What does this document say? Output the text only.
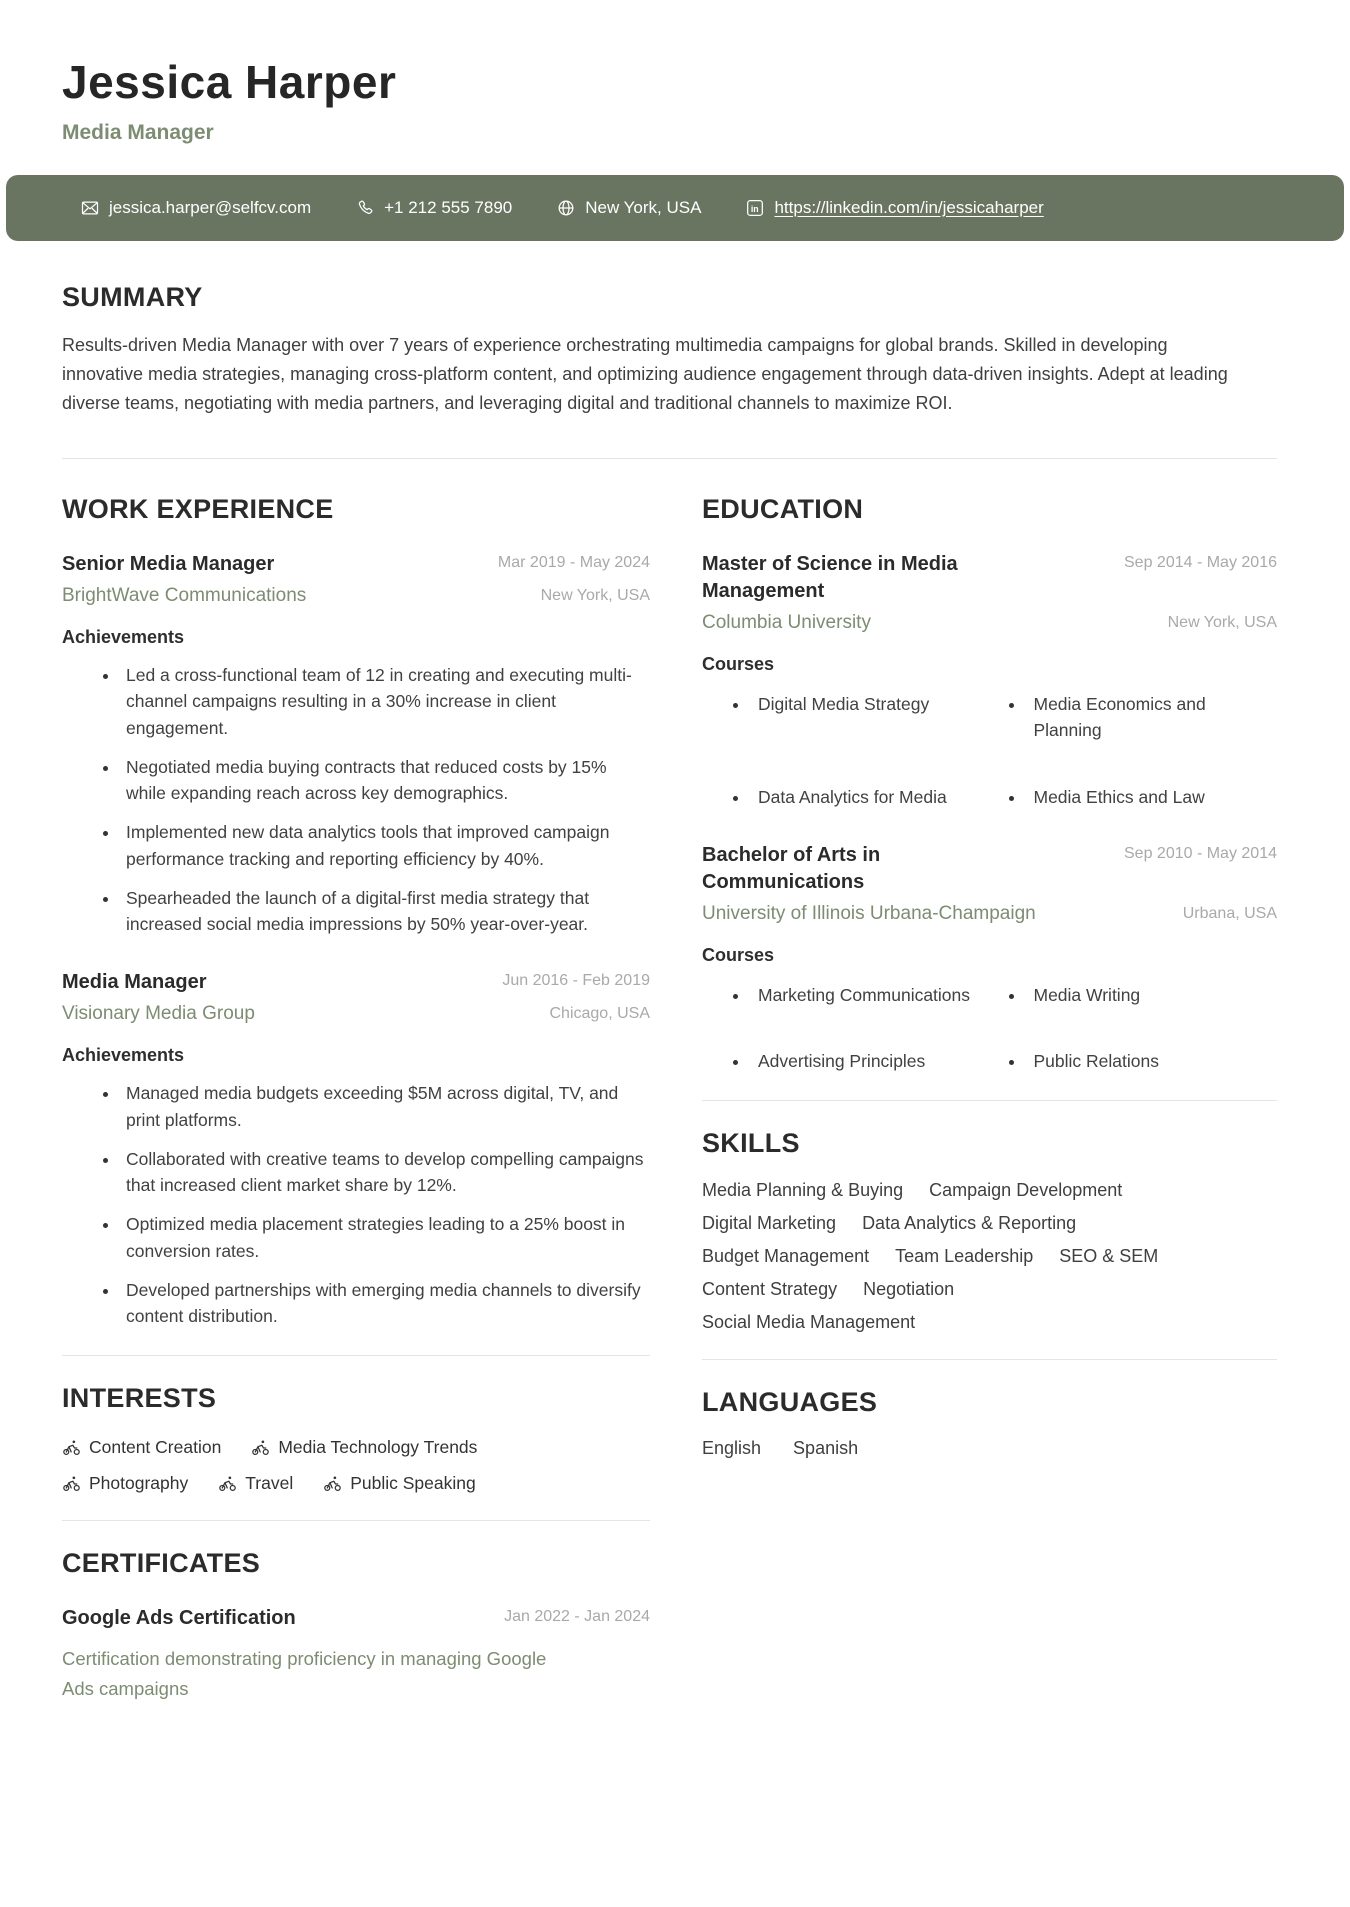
Jessica Harper
Media Manager
jessica.harper@selfcv.com	+1 212 555 7890	New York, USA	in https://linkedin.com/in/jessicaharper
SUMMARY

Results-driven Media Manager with over 7 years of experience orchestrating multimedia campaigns for global brands. Skilled in developing innovative media strategies, managing cross-platform content, and optimizing audience engagement through data-driven insights. Adept at leading diverse teams, negotiating with media partners, and leveraging digital and traditional channels to maximize ROI.

WORK EXPERIENCE
Senior Media Manager	Mar 2019 - May 2024
BrightWave Communications	New York, USA
Achievements
• Led a cross-functional team of 12 in creating and executing multi-channel campaigns resulting in a 30% increase in client engagement.
• Negotiated media buying contracts that reduced costs by 15% while expanding reach across key demographics.
• Implemented new data analytics tools that improved campaign performance tracking and reporting efficiency by 40%.
• Spearheaded the launch of a digital-first media strategy that increased social media impressions by 50% year-over-year.
Media Manager	Jun 2016 - Feb 2019
Visionary Media Group	Chicago, USA
Achievements
• Managed media budgets exceeding $5M across digital, TV, and print platforms.
• Collaborated with creative teams to develop compelling campaigns that increased client market share by 12%.
• Optimized media placement strategies leading to a 25% boost in conversion rates.
• Developed partnerships with emerging media channels to diversify content distribution.
INTERESTS
Content Creation	Media Technology Trends
Photography	Travel	Public Speaking
CERTIFICATES
Google Ads Certification	Jan 2022 - Jan 2024

Certification demonstrating proficiency in managing Google Ads campaigns

EDUCATION
Master of Science in Media Management
Sep 2014 - May 2016
Columbia University	New York, USA
Courses
• Digital Media Strategy	• Media Economics and Planning
• Data Analytics for Media	• Media Ethics and Law
Bachelor of Arts in Communications
Sep 2010 - May 2014
University of Illinois Urbana-Champaign	Urbana, USA
Courses
• Marketing Communications	• Media Writing
• Advertising Principles	• Public Relations
SKILLS
Media Planning & Buying Campaign Development
Digital Marketing Data Analytics & Reporting
Budget Management Team Leadership SEO & SEM
Content Strategy Negotiation
Social Media Management
LANGUAGES
English Spanish
